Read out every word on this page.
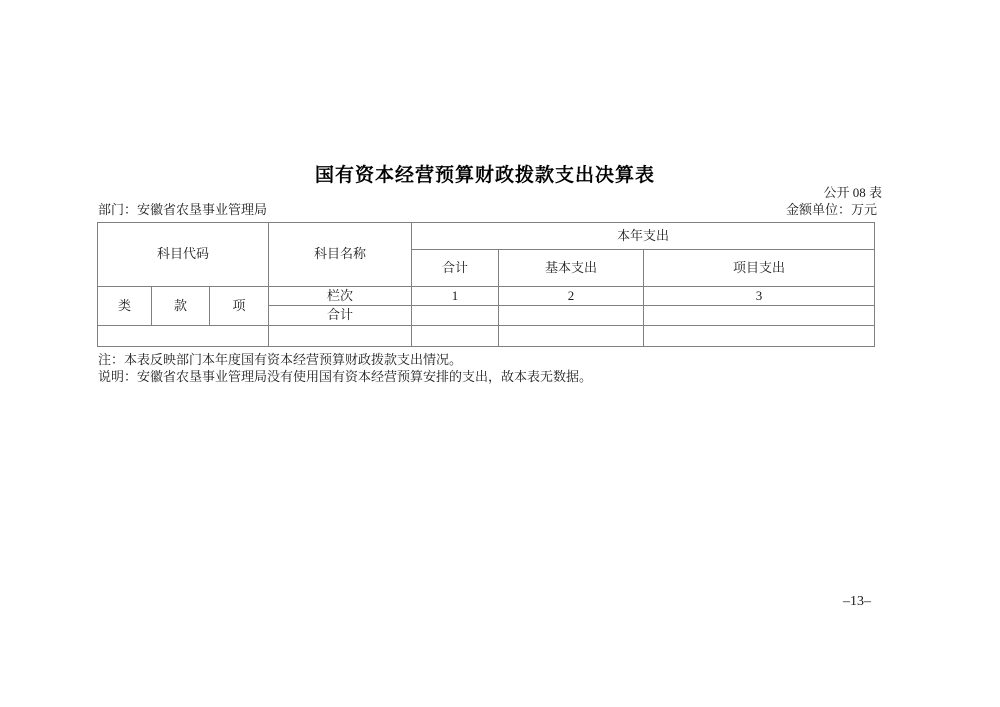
国有资本经营预算财政拨款支出决算表
公开 08 表
部门：安徽省农垦事业管理局	金额单位：万元
科目代码			科目名称	本年支出		
				合计	基本支出	项目支出
类	款	项	栏次	1	2	3
			合计			

注：本表反映部门本年度国有资本经营预算财政拨款支出情况。
说明：安徽省农垦事业管理局没有使用国有资本经营预算安排的支出，故本表无数据。
–13–
